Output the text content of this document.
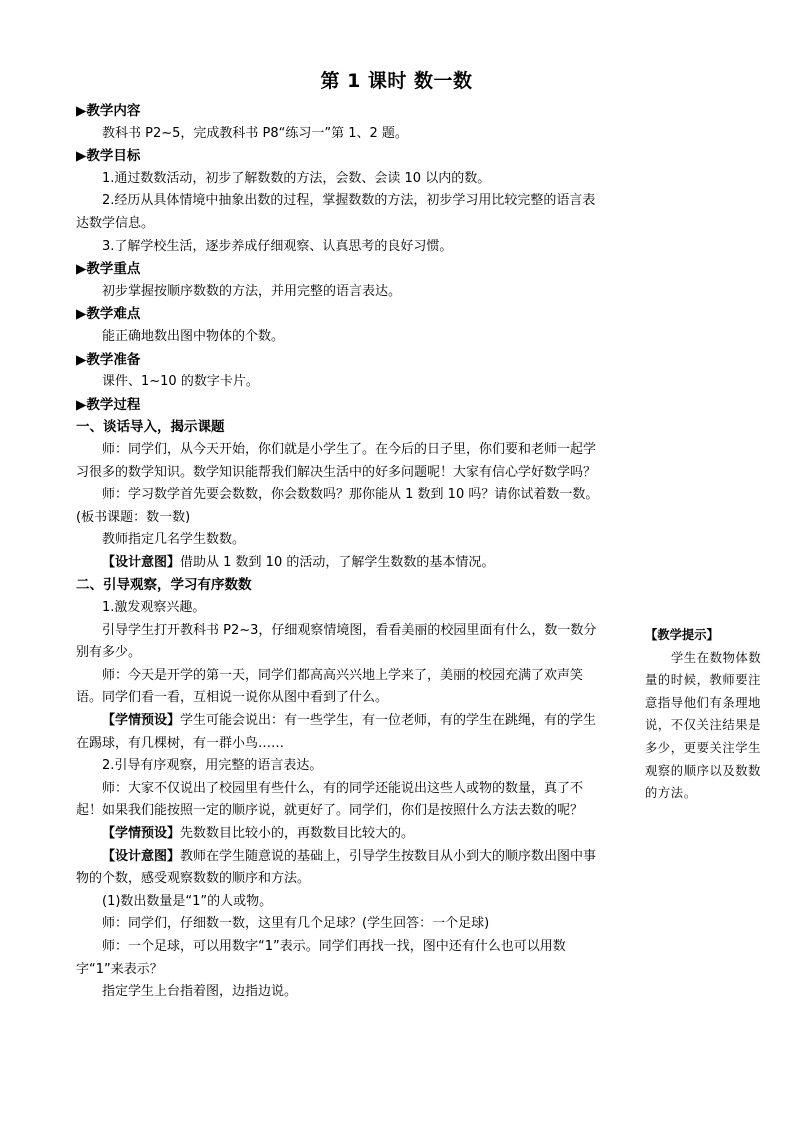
第 1 课时 数一数

▶教学内容

教科书 P2~5，完成教科书 P8“练习一”第 1、2 题。

▶教学目标

1.通过数数活动，初步了解数数的方法，会数、会读 10 以内的数。

2.经历从具体情境中抽象出数的过程，掌握数数的方法，初步学习用比较完整的语言表达数学信息。

3.了解学校生活，逐步养成仔细观察、认真思考的良好习惯。

▶教学重点

初步掌握按顺序数数的方法，并用完整的语言表达。

▶教学难点

能正确地数出图中物体的个数。

▶教学准备

课件、1~10 的数字卡片。

▶教学过程

一、谈话导入，揭示课题

师：同学们，从今天开始，你们就是小学生了。在今后的日子里，你们要和老师一起学习很多的数学知识。数学知识能帮我们解决生活中的好多问题呢！大家有信心学好数学吗？

师：学习数学首先要会数数，你会数数吗？那你能从 1 数到 10 吗？请你试着数一数。(板书课题：数一数)

教师指定几名学生数数。

【设计意图】借助从 1 数到 10 的活动，了解学生数数的基本情况。

二、引导观察，学习有序数数

1.激发观察兴趣。

引导学生打开教科书 P2~3，仔细观察情境图，看看美丽的校园里面有什么，数一数分别有多少。

师：今天是开学的第一天，同学们都高高兴兴地上学来了，美丽的校园充满了欢声笑语。同学们看一看，互相说一说你从图中看到了什么。

【学情预设】学生可能会说出：有一些学生，有一位老师，有的学生在跳绳，有的学生在踢球，有几棵树，有一群小鸟……

2.引导有序观察，用完整的语言表达。

师：大家不仅说出了校园里有些什么，有的同学还能说出这些人或物的数量，真了不起！如果我们能按照一定的顺序说，就更好了。同学们，你们是按照什么方法去数的呢？

【学情预设】先数数目比较小的，再数数目比较大的。

【设计意图】教师在学生随意说的基础上，引导学生按数目从小到大的顺序数出图中事物的个数，感受观察数数的顺序和方法。

(1)数出数量是“1”的人或物。

师：同学们，仔细数一数，这里有几个足球？(学生回答：一个足球)

师：一个足球，可以用数字“1”表示。同学们再找一找，图中还有什么也可以用数字“1”来表示？

指定学生上台指着图，边指边说。

【教学提示】
学生在数物体数量的时候，教师要注意指导他们有条理地说，不仅关注结果是多少，更要关注学生观察的顺序以及数数的方法。
